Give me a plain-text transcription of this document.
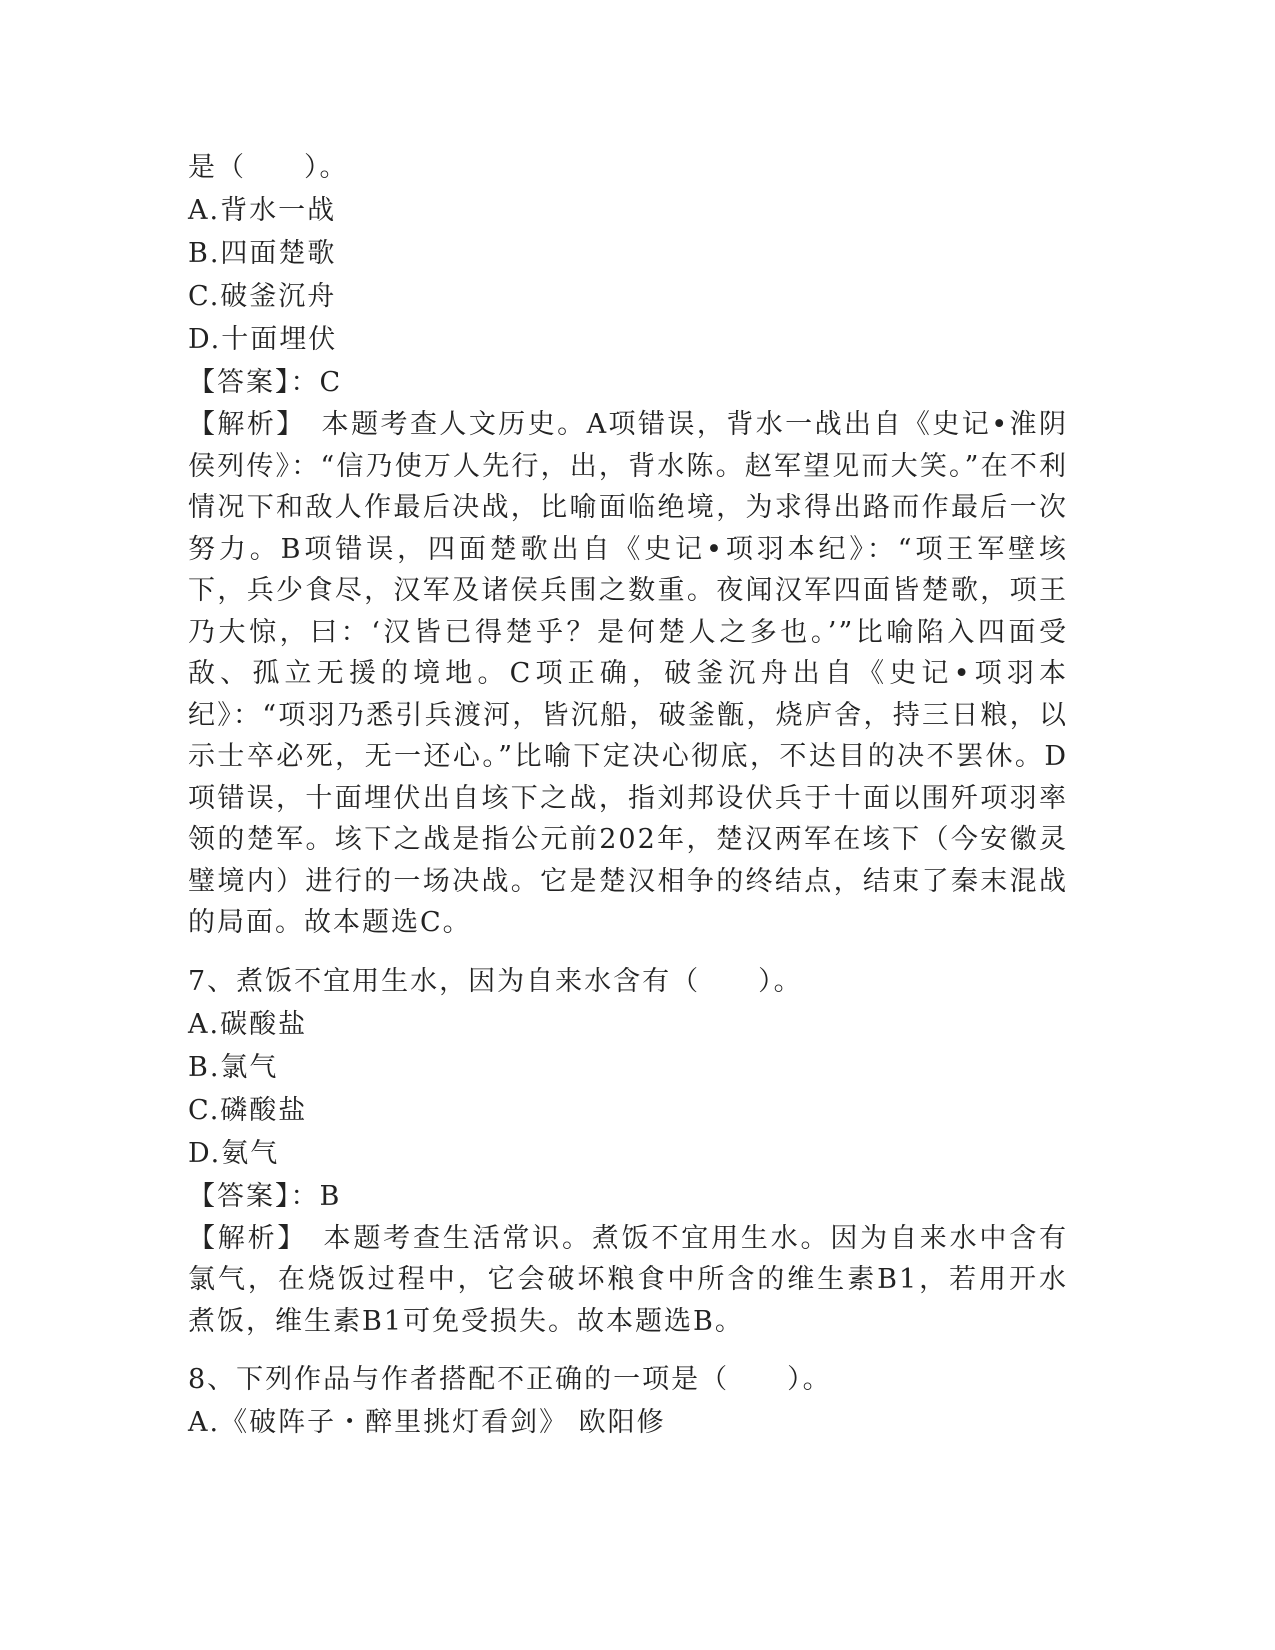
是（　　）。
A.背水一战
B.四面楚歌
C.破釜沉舟
D.十面埋伏
【答案】：C
【解析】　本题考查人文历史。A项错误，背水一战出自《史记•淮阴侯列传》：“信乃使万人先行，出，背水陈。赵军望见而大笑。”在不利情况下和敌人作最后决战，比喻面临绝境，为求得出路而作最后一次努力。B项错误，四面楚歌出自《史记•项羽本纪》：“项王军壁垓下，兵少食尽，汉军及诸侯兵围之数重。夜闻汉军四面皆楚歌，项王乃大惊，曰：‘汉皆已得楚乎？是何楚人之多也。’”比喻陷入四面受敌、孤立无援的境地。C项正确，破釜沉舟出自《史记•项羽本纪》：“项羽乃悉引兵渡河，皆沉船，破釜甑，烧庐舍，持三日粮，以示士卒必死，无一还心。”比喻下定决心彻底，不达目的决不罢休。D项错误，十面埋伏出自垓下之战，指刘邦设伏兵于十面以围歼项羽率领的楚军。垓下之战是指公元前202年，楚汉两军在垓下（今安徽灵璧境内）进行的一场决战。它是楚汉相争的终结点，结束了秦末混战的局面。故本题选C。
7、煮饭不宜用生水，因为自来水含有（　　）。
A.碳酸盐
B.氯气
C.磷酸盐
D.氨气
【答案】：B
【解析】　本题考查生活常识。煮饭不宜用生水。因为自来水中含有氯气，在烧饭过程中，它会破坏粮食中所含的维生素B1，若用开水煮饭，维生素B1可免受损失。故本题选B。
8、下列作品与作者搭配不正确的一项是（　　）。
A.《破阵子・醉里挑灯看剑》 欧阳修
